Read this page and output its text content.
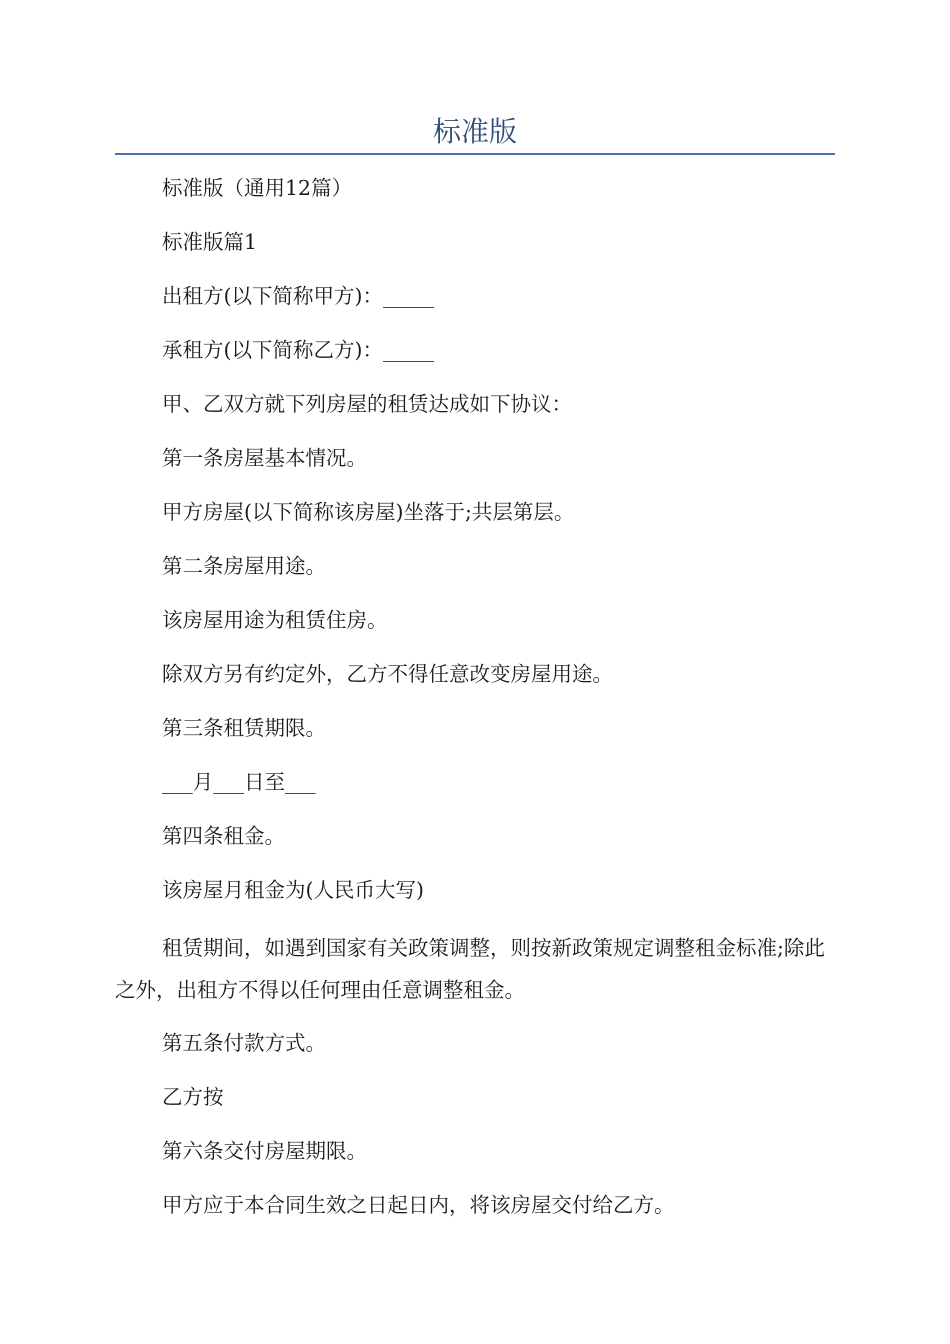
标准版

标准版（通用12篇）

标准版篇1

出租方(以下简称甲方)：_____

承租方(以下简称乙方)：_____

甲、乙双方就下列房屋的租赁达成如下协议：

第一条房屋基本情况。

甲方房屋(以下简称该房屋)坐落于;共层第层。

第二条房屋用途。

该房屋用途为租赁住房。

除双方另有约定外，乙方不得任意改变房屋用途。

第三条租赁期限。

___月___日至___

第四条租金。

该房屋月租金为(人民币大写)

租赁期间，如遇到国家有关政策调整，则按新政策规定调整租金标准;除此之外，出租方不得以任何理由任意调整租金。

第五条付款方式。

乙方按

第六条交付房屋期限。

甲方应于本合同生效之日起日内，将该房屋交付给乙方。
